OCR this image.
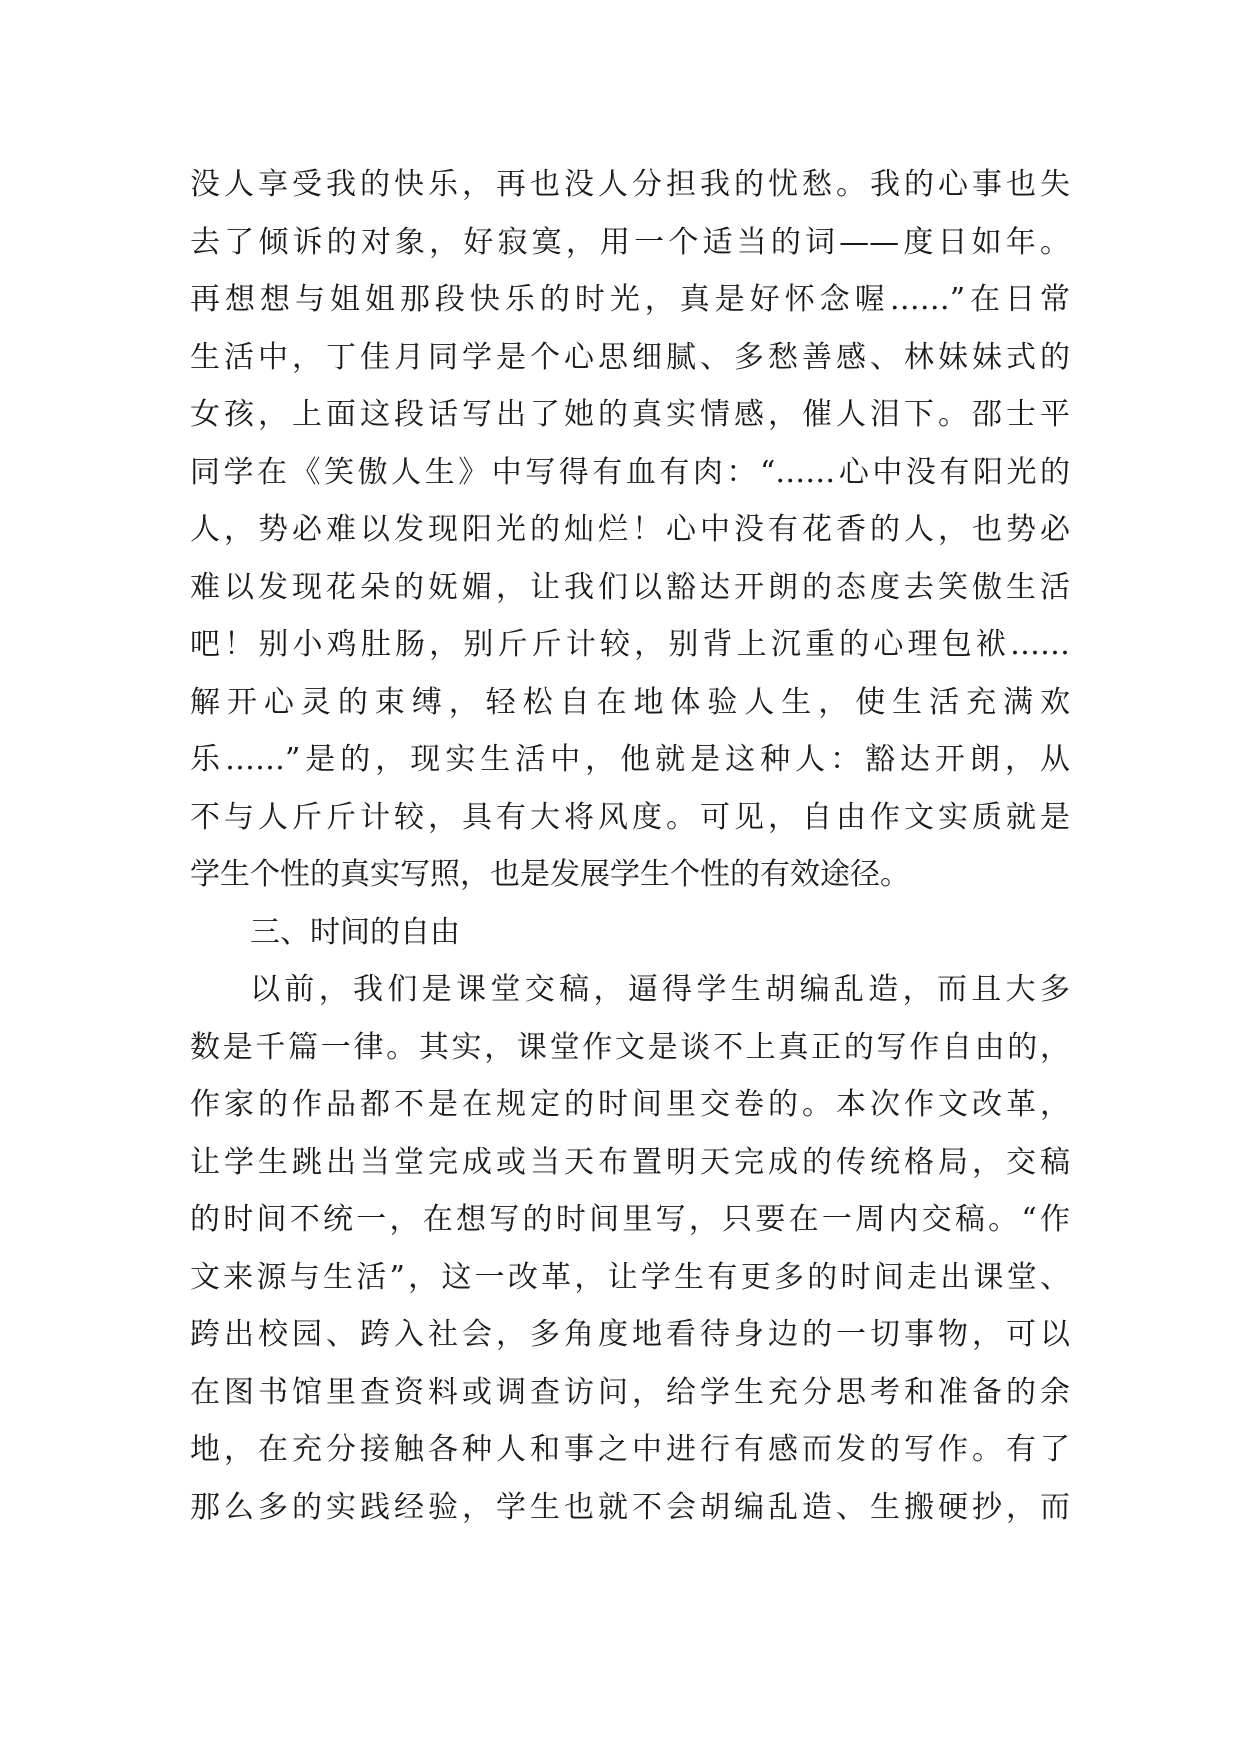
没人享受我的快乐，再也没人分担我的忧愁。我的心事也失
去了倾诉的对象，好寂寞，用一个适当的词——度日如年。
再想想与姐姐那段快乐的时光，真是好怀念喔……”在日常
生活中，丁佳月同学是个心思细腻、多愁善感、林妹妹式的
女孩，上面这段话写出了她的真实情感，催人泪下。邵士平
同学在《笑傲人生》中写得有血有肉：“……心中没有阳光的
人，势必难以发现阳光的灿烂！心中没有花香的人，也势必
难以发现花朵的妩媚，让我们以豁达开朗的态度去笑傲生活
吧！别小鸡肚肠，别斤斤计较，别背上沉重的心理包袱……
解开心灵的束缚，轻松自在地体验人生，使生活充满欢
乐……”是的，现实生活中，他就是这种人：豁达开朗，从
不与人斤斤计较，具有大将风度。可见，自由作文实质就是
学生个性的真实写照，也是发展学生个性的有效途径。
三、时间的自由
以前，我们是课堂交稿，逼得学生胡编乱造，而且大多
数是千篇一律。其实，课堂作文是谈不上真正的写作自由的，
作家的作品都不是在规定的时间里交卷的。本次作文改革，
让学生跳出当堂完成或当天布置明天完成的传统格局，交稿
的时间不统一，在想写的时间里写，只要在一周内交稿。“作
文来源与生活”，这一改革，让学生有更多的时间走出课堂、
跨出校园、跨入社会，多角度地看待身边的一切事物，可以
在图书馆里查资料或调查访问，给学生充分思考和准备的余
地，在充分接触各种人和事之中进行有感而发的写作。有了
那么多的实践经验，学生也就不会胡编乱造、生搬硬抄，而
